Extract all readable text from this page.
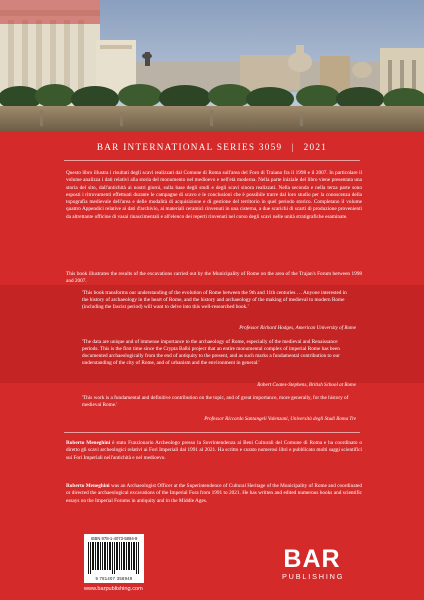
BAR INTERNATIONAL SERIES 3059 | 2021
Questo libro illustra i risultati degli scavi realizzati dal Comune di Roma sull'area del Foro di Traiano fra il 1998 e il 2007. In particolare il volume analizza i dati relativi alla storia del monumento nel medioevo e nell'età moderna. Nella parte iniziale del libro viene presentata una storia del sito, dall'antichità ai nostri giorni, sulla base degli studi e degli scavi sinora realizzati. Nella seconda e nella terza parte sono esposti i ritrovamenti effettuati durante le campagne di scavo e le conclusioni che è possibile trarre dal loro studio per la conoscenza della topografia medievale dell'area e delle modalità di acquisizione e di gestione del territorio in quel periodo storico. Completano il volume quattro Appendici relative ai dati d'archivio, ai materiali ceramici rinvenuti in una cisterna, a due scarichi di scarti di produzione provenienti da altrettante officine di vasai rinascimentali e all'elenco dei reperti rinvenuti nel corso degli scavi nelle unità stratigrafiche esaminate.
This book illustrates the results of the excavations carried out by the Municipality of Rome on the area of the Trajan's Forum between 1998 and 2007.
'This book transforms our understanding of the evolution of Rome between the 9th and 11th centuries … Anyone interested in the history of archaeology in the heart of Rome, and the history and archaeology of the making of medieval to modern Rome (including the fascist period) will want to delve into this well-researched book.'
Professor Richard Hodges, American University of Rome
'The data are unique and of immense importance to the archaeology of Rome, especially of the medieval and Renaissance periods. This is the first time since the Crypta Balbi project that an entire monumental complex of imperial Rome has been documented archaeologically from the end of antiquity to the present, and as such marks a fundamental contribution to our understanding of the city of Rome, and of urbanism and the environment in general.'
Robert Coates-Stephens, British School at Rome
'This work is a fundamental and definitive contribution on the topic, and of great importance, more generally, for the history of medieval Rome.'
Professor Riccardo Santangeli Valenzani, Università degli Studi Roma Tre
Roberto Meneghini è stato Funzionario Archeologo presso la Sovrintendenza ai Beni Culturali del Comune di Roma e ha coordinato o diretto gli scavi archeologici relativi ai Fori Imperiali dal 1991 al 2021. Ha scritto e curato numerosi libri e pubblicato molti saggi scientifici sui Fori Imperiali nell'antichità e nel medioevo.
Roberto Meneghini was an Archaeologist Officer at the Superintendence of Cultural Heritage of the Municipality of Rome and coordinated or directed the archaeological excavations of the Imperial Fora from 1991 to 2021. He has written and edited numerous books and scientific essays on the Imperial Forums in antiquity and in the Middle Ages.
ISBN 978-1-4073-5894-9
9 781407 358949
www.barpublishing.com
BAR
PUBLISHING
